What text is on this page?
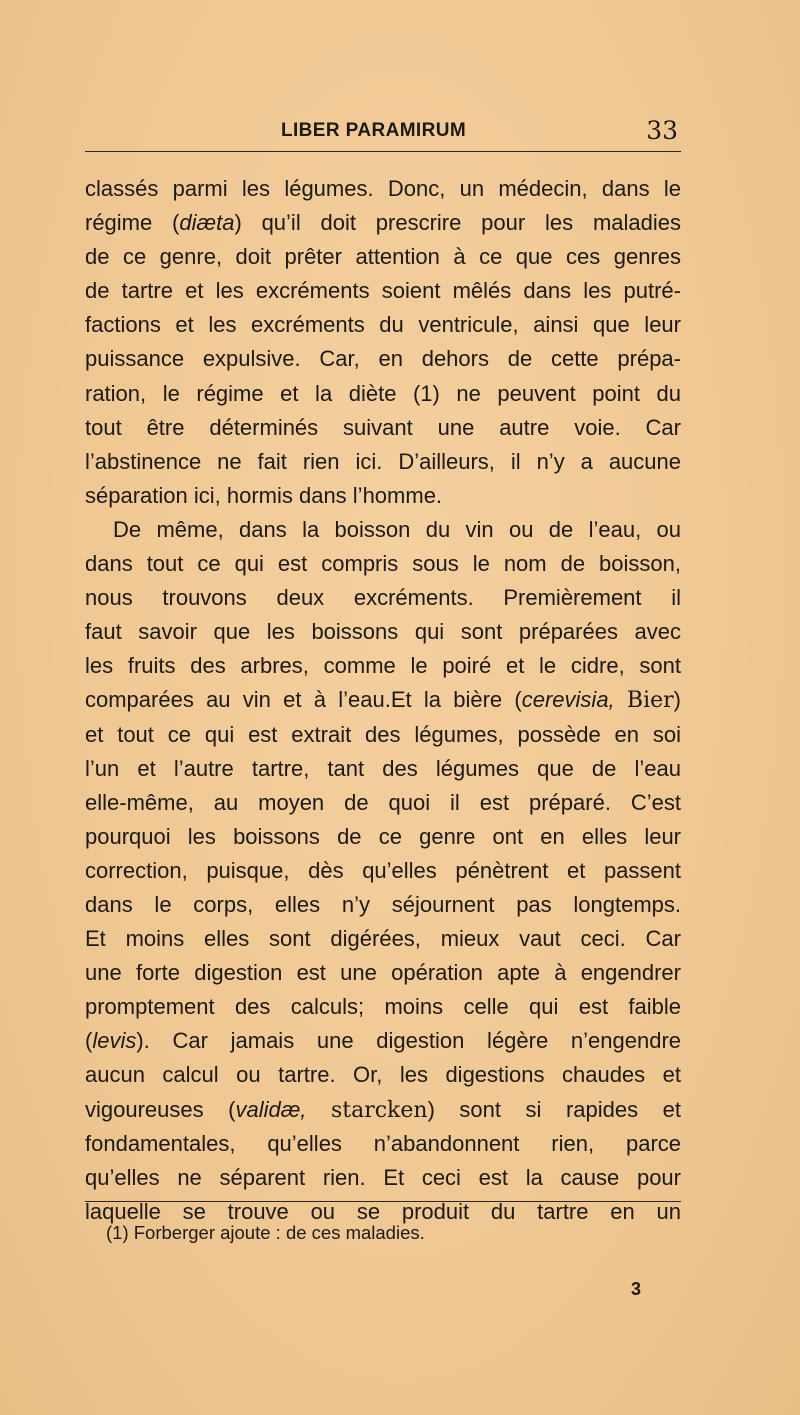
LIBER PARAMIRUM	33
classés parmi les légumes. Donc, un médecin, dans le
régime (diæta) qu’il doit prescrire pour les maladies
de ce genre, doit prêter attention à ce que ces genres
de tartre et les excréments soient mêlés dans les putré-
factions et les excréments du ventricule, ainsi que leur
puissance expulsive. Car, en dehors de cette prépa-
ration, le régime et la diète (1) ne peuvent point du
tout être déterminés suivant une autre voie. Car
l’abstinence ne fait rien ici. D’ailleurs, il n’y a aucune
séparation ici, hormis dans l’homme.
De même, dans la boisson du vin ou de l’eau, ou
dans tout ce qui est compris sous le nom de boisson,
nous trouvons deux excréments. Premièrement il
faut savoir que les boissons qui sont préparées avec
les fruits des arbres, comme le poiré et le cidre, sont
comparées au vin et à l’eau.Et la bière (cerevisia, Bier)
et tout ce qui est extrait des légumes, possède en soi
l’un et l’autre tartre, tant des légumes que de l’eau
elle-même, au moyen de quoi il est préparé. C’est
pourquoi les boissons de ce genre ont en elles leur
correction, puisque, dès qu’elles pénètrent et passent
dans le corps, elles n’y séjournent pas longtemps.
Et moins elles sont digérées, mieux vaut ceci. Car
une forte digestion est une opération apte à engendrer
promptement des calculs; moins celle qui est faible
(levis). Car jamais une digestion légère n’engendre
aucun calcul ou tartre. Or, les digestions chaudes et
vigoureuses (validæ, starcken) sont si rapides et
fondamentales, qu’elles n’abandonnent rien, parce
qu’elles ne séparent rien. Et ceci est la cause pour
laquelle se trouve ou se produit du tartre en un
(1) Forberger ajoute : de ces maladies.
3
